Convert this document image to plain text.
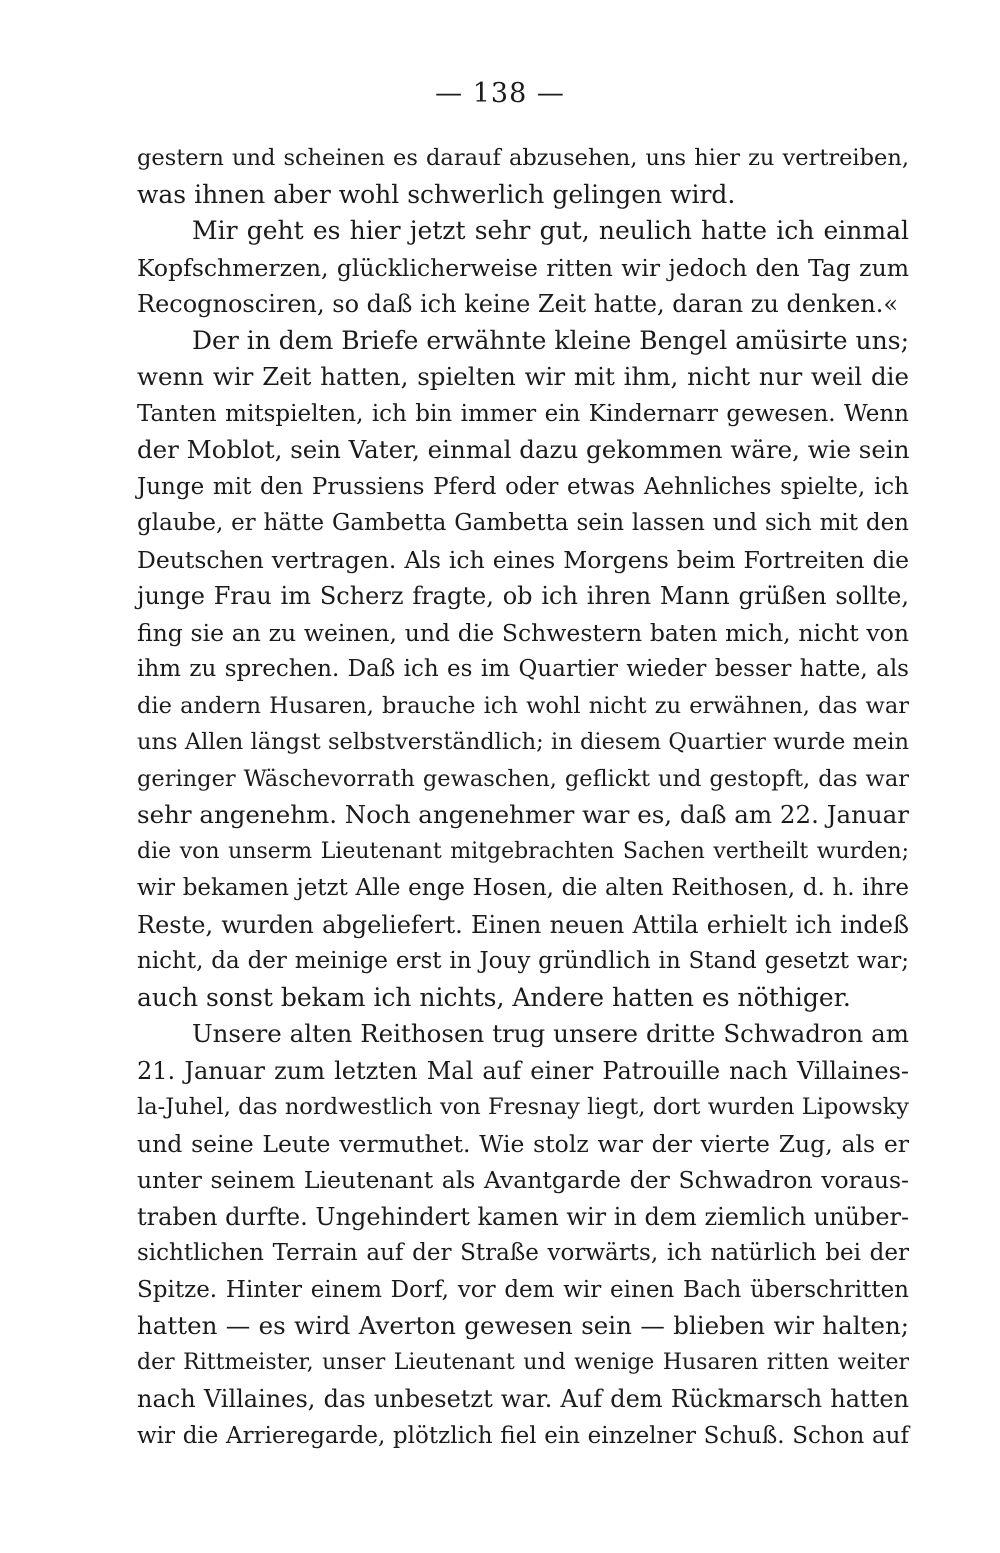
— 138 —
gestern und scheinen es darauf abzusehen, uns hier zu vertreiben,
was ihnen aber wohl schwerlich gelingen wird.
Mir geht es hier jetzt sehr gut, neulich hatte ich einmal
Kopfschmerzen, glücklicherweise ritten wir jedoch den Tag zum
Recognosciren, so daß ich keine Zeit hatte, daran zu denken.«
Der in dem Briefe erwähnte kleine Bengel amüsirte uns;
wenn wir Zeit hatten, spielten wir mit ihm, nicht nur weil die
Tanten mitspielten, ich bin immer ein Kindernarr gewesen. Wenn
der Moblot, sein Vater, einmal dazu gekommen wäre, wie sein
Junge mit den Prussiens Pferd oder etwas Aehnliches spielte, ich
glaube, er hätte Gambetta Gambetta sein lassen und sich mit den
Deutschen vertragen. Als ich eines Morgens beim Fortreiten die
junge Frau im Scherz fragte, ob ich ihren Mann grüßen sollte,
fing sie an zu weinen, und die Schwestern baten mich, nicht von
ihm zu sprechen. Daß ich es im Quartier wieder besser hatte, als
die andern Husaren, brauche ich wohl nicht zu erwähnen, das war
uns Allen längst selbstverständlich; in diesem Quartier wurde mein
geringer Wäschevorrath gewaschen, geflickt und gestopft, das war
sehr angenehm. Noch angenehmer war es, daß am 22. Januar
die von unserm Lieutenant mitgebrachten Sachen vertheilt wurden;
wir bekamen jetzt Alle enge Hosen, die alten Reithosen, d. h. ihre
Reste, wurden abgeliefert. Einen neuen Attila erhielt ich indeß
nicht, da der meinige erst in Jouy gründlich in Stand gesetzt war;
auch sonst bekam ich nichts, Andere hatten es nöthiger.
Unsere alten Reithosen trug unsere dritte Schwadron am
21. Januar zum letzten Mal auf einer Patrouille nach Villaines-
la-Juhel, das nordwestlich von Fresnay liegt, dort wurden Lipowsky
und seine Leute vermuthet. Wie stolz war der vierte Zug, als er
unter seinem Lieutenant als Avantgarde der Schwadron voraus-
traben durfte. Ungehindert kamen wir in dem ziemlich unüber-
sichtlichen Terrain auf der Straße vorwärts, ich natürlich bei der
Spitze. Hinter einem Dorf, vor dem wir einen Bach überschritten
hatten — es wird Averton gewesen sein — blieben wir halten;
der Rittmeister, unser Lieutenant und wenige Husaren ritten weiter
nach Villaines, das unbesetzt war. Auf dem Rückmarsch hatten
wir die Arrieregarde, plötzlich fiel ein einzelner Schuß. Schon auf
